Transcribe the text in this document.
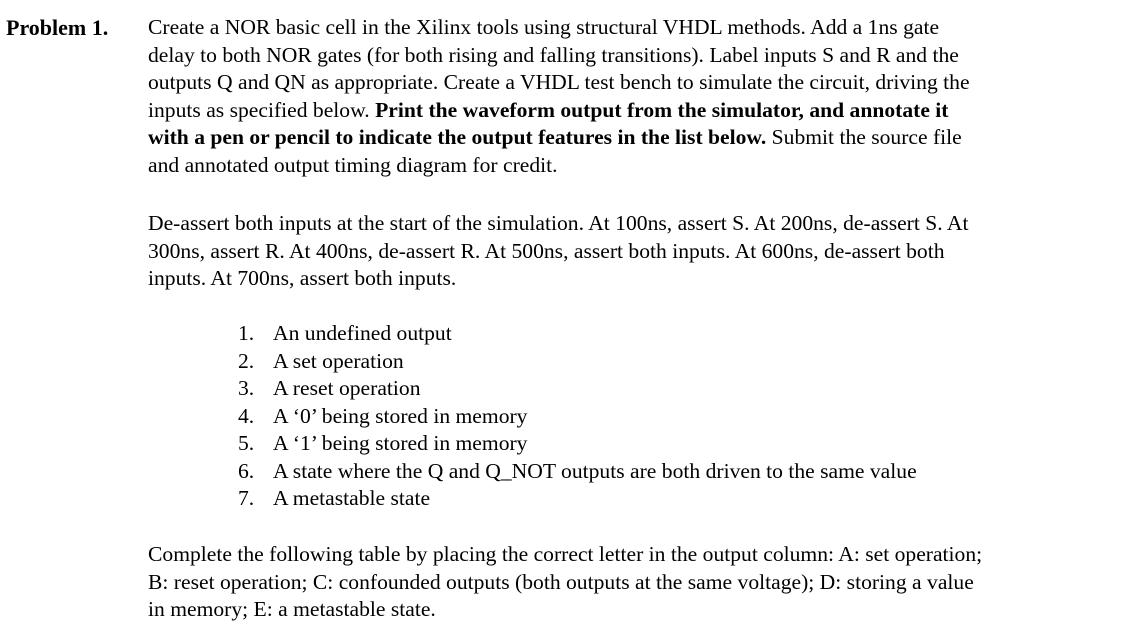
Problem 1. Create a NOR basic cell in the Xilinx tools using structural VHDL methods. Add a 1ns gate
delay to both NOR gates (for both rising and falling transitions). Label inputs S and R and the
outputs Q and QN as appropriate. Create a VHDL test bench to simulate the circuit, driving the
inputs as specified below. Print the waveform output from the simulator, and annotate it
with a pen or pencil to indicate the output features in the list below. Submit the source file
and annotated output timing diagram for credit.
De-assert both inputs at the start of the simulation. At 100ns, assert S. At 200ns, de-assert S. At
300ns, assert R. At 400ns, de-assert R. At 500ns, assert both inputs. At 600ns, de-assert both
inputs. At 700ns, assert both inputs.
1. An undefined output
2. A set operation
3. A reset operation
4. A ‘0’ being stored in memory
5. A ‘1’ being stored in memory
6. A state where the Q and Q_NOT outputs are both driven to the same value
7. A metastable state
Complete the following table by placing the correct letter in the output column: A: set operation;
B: reset operation; C: confounded outputs (both outputs at the same voltage); D: storing a value
in memory; E: a metastable state.
